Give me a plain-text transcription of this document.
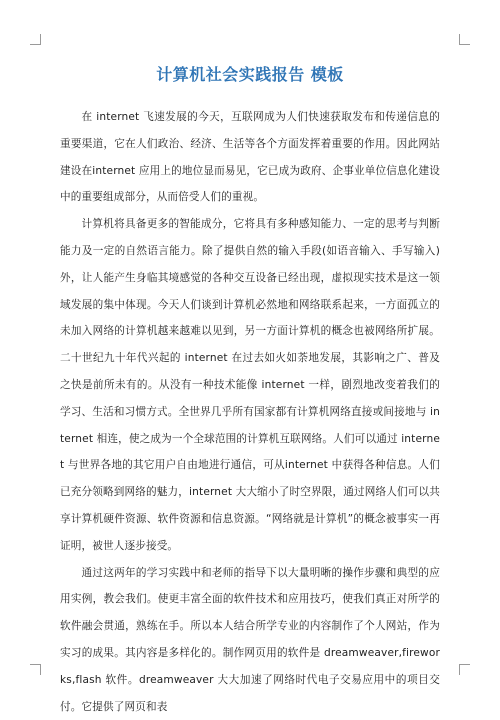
计算机社会实践报告 模板

在 internet 飞速发展的今天，互联网成为人们快速获取发布和传递信息的重要渠道，它在人们政治、经济、生活等各个方面发挥着重要的作用。因此网站建设在internet 应用上的地位显而易见，它已成为政府、企事业单位信息化建设中的重要组成部分，从而倍受人们的重视。

计算机将具备更多的智能成分，它将具有多种感知能力、一定的思考与判断能力及一定的自然语言能力。除了提供自然的输入手段(如语音输入、手写输入)外，让人能产生身临其境感觉的各种交互设备已经出现，虚拟现实技术是这一领域发展的集中体现。今天人们谈到计算机必然地和网络联系起来，一方面孤立的未加入网络的计算机越来越难以见到，另一方面计算机的概念也被网络所扩展。二十世纪九十年代兴起的 internet 在过去如火如荼地发展，其影响之广、普及之快是前所未有的。从没有一种技术能像 internet 一样，剧烈地改变着我们的学习、生活和习惯方式。全世界几乎所有国家都有计算机网络直接或间接地与 internet 相连，使之成为一个全球范围的计算机互联网络。人们可以通过 internet 与世界各地的其它用户自由地进行通信，可从internet 中获得各种信息。人们已充分领略到网络的魅力，internet 大大缩小了时空界限，通过网络人们可以共享计算机硬件资源、软件资源和信息资源。“网络就是计算机”的概念被事实一再证明，被世人逐步接受。

通过这两年的学习实践中和老师的指导下以大量明晰的操作步骤和典型的应用实例，教会我们。使更丰富全面的软件技术和应用技巧，使我们真正对所学的软件融会贯通，熟练在手。所以本人结合所学专业的内容制作了个人网站，作为实习的成果。其内容是多样化的。制作网页用的软件是 dreamweaver,fireworks,flash 软件。dreamweaver 大大加速了网络时代电子交易应用中的项目交付。它提供了网页和表
